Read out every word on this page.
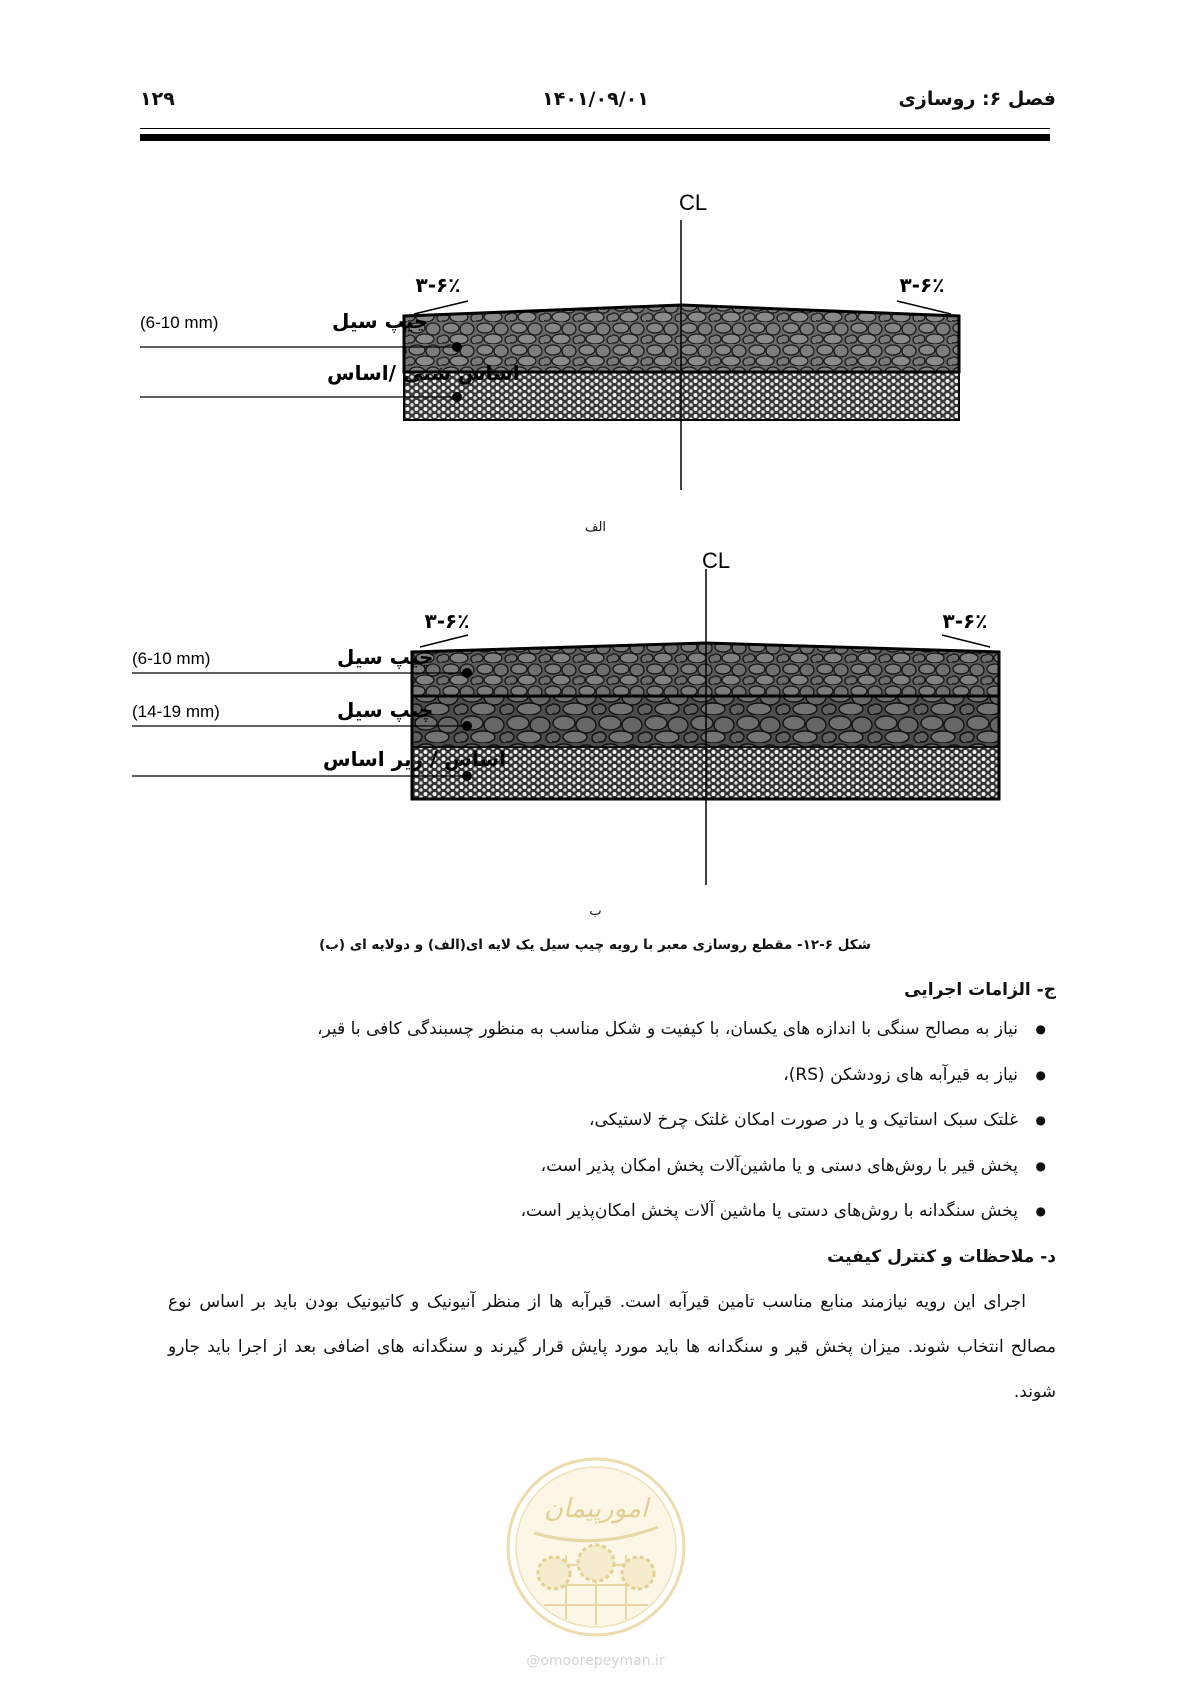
۱۲۹	۱۴۰۱/۰۹/۰۱	فصل ۶: روسازی
CL
۳-۶٪	۳-۶٪
(6-10 mm)	چیپ سیل
اساس شنی /اساس
الف
CL
۳-۶٪	۳-۶٪
(6-10 mm)	چیپ سیل
(14-19 mm)	چیپ سیل
اساس / زیر اساس
ب
شکل ۶-۱۲- مقطع روسازی معبر با رویه چیپ سیل یک لایه ای(الف) و دولایه ای (ب)
ج- الزامات اجرایی
● نیاز به مصالح سنگی با اندازه های یکسان، با کیفیت و شکل مناسب به منظور چسبندگی کافی با قیر،
● نیاز به قیرآبه های زودشکن (RS)،
● غلتک سبک استاتیک و یا در صورت امکان غلتک چرخ لاستیکی،
● پخش قیر با روش‌های دستی و یا ماشین‌آلات پخش امکان پذیر است،
● پخش سنگدانه با روش‌های دستی یا ماشین آلات پخش امکان‌پذیر است،
د- ملاحظات و کنترل کیفیت

اجرای این رویه نیازمند منابع مناسب تامین قیرآبه است. قیرآبه ها از منظر آنیونیک و کاتیونیک بودن باید بر اساس نوع مصالح انتخاب شوند. میزان پخش قیر و سنگدانه ها باید مورد پایش قرار گیرند و سنگدانه های اضافی بعد از اجرا باید جارو شوند.

امورپیمان
@omoorepeyman.ir
